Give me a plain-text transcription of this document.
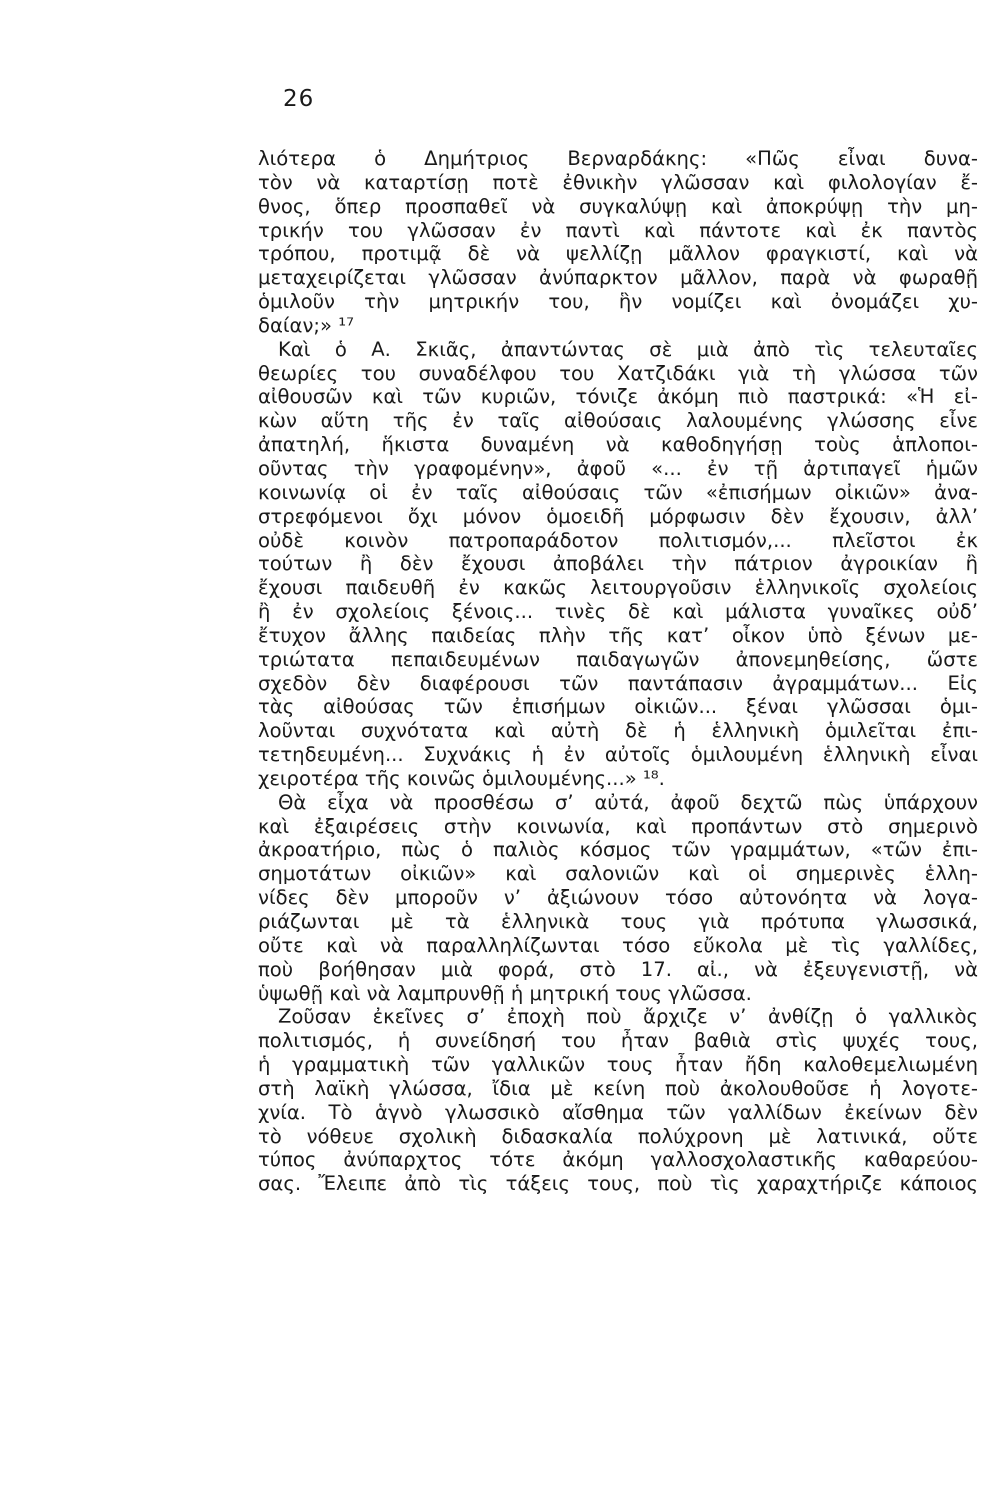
26
λιότερα ὁ Δημήτριος Βερναρδάκης: «Πῶς εἶναι δυνα-
τὸν νὰ καταρτίσῃ ποτὲ ἐθνικὴν γλῶσσαν καὶ φιλολογίαν ἔ-
θνος, ὅπερ προσπαθεῖ νὰ συγκαλύψῃ καὶ ἀποκρύψῃ τὴν μη-
τρικήν του γλῶσσαν ἐν παντὶ καὶ πάντοτε καὶ ἐκ παντὸς
τρόπου, προτιμᾷ δὲ νὰ ψελλίζῃ μᾶλλον φραγκιστί, καὶ νὰ
μεταχειρίζεται γλῶσσαν ἀνύπαρκτον μᾶλλον, παρὰ νὰ φωραθῇ
ὁμιλοῦν τὴν μητρικήν του, ἣν νομίζει καὶ ὀνομάζει χυ-
δαίαν;» ¹⁷
Καὶ ὁ Α. Σκιᾶς, ἀπαντώντας σὲ μιὰ ἀπὸ τὶς τελευταῖες
θεωρίες του συναδέλφου του Χατζιδάκι γιὰ τὴ γλώσσα τῶν
αἰθουσῶν καὶ τῶν κυριῶν, τόνιζε ἀκόμη πιὸ παστρικά: «Ἡ εἰ-
κὼν αὕτη τῆς ἐν ταῖς αἰθούσαις λαλουμένης γλώσσης εἶνε
ἀπατηλή, ἥκιστα δυναμένη νὰ καθοδηγήσῃ τοὺς ἁπλοποι-
οῦντας τὴν γραφομένην», ἀφοῦ «... ἐν τῇ ἀρτιπαγεῖ ἡμῶν
κοινωνίᾳ οἱ ἐν ταῖς αἰθούσαις τῶν «ἐπισήμων οἰκιῶν» ἀνα-
στρεφόμενοι ὄχι μόνον ὁμοειδῆ μόρφωσιν δὲν ἔχουσιν, ἀλλ’
οὐδὲ κοινὸν πατροπαράδοτον πολιτισμόν,... πλεῖστοι ἐκ
τούτων ἢ δὲν ἔχουσι ἀποβάλει τὴν πάτριον ἀγροικίαν ἢ
ἔχουσι παιδευθῆ ἐν κακῶς λειτουργοῦσιν ἑλληνικοῖς σχολείοις
ἢ ἐν σχολείοις ξένοις... τινὲς δὲ καὶ μάλιστα γυναῖκες οὐδ’
ἔτυχον ἄλλης παιδείας πλὴν τῆς κατ’ οἶκον ὑπὸ ξένων με-
τριώτατα πεπαιδευμένων παιδαγωγῶν ἀπονεμηθείσης, ὥστε
σχεδὸν δὲν διαφέρουσι τῶν παντάπασιν ἀγραμμάτων... Εἰς
τὰς αἰθούσας τῶν ἐπισήμων οἰκιῶν... ξέναι γλῶσσαι ὁμι-
λοῦνται συχνότατα καὶ αὐτὴ δὲ ἡ ἑλληνικὴ ὁμιλεῖται ἐπι-
τετηδευμένη... Συχνάκις ἡ ἐν αὐτοῖς ὁμιλουμένη ἑλληνικὴ εἶναι
χειροτέρα τῆς κοινῶς ὁμιλουμένης...» ¹⁸.
Θὰ εἶχα νὰ προσθέσω σ’ αὐτά, ἀφοῦ δεχτῶ πὼς ὑπάρχουν
καὶ ἐξαιρέσεις στὴν κοινωνία, καὶ προπάντων στὸ σημερινὸ
ἀκροατήριο, πὼς ὁ παλιὸς κόσμος τῶν γραμμάτων, «τῶν ἐπι-
σημοτάτων οἰκιῶν» καὶ σαλονιῶν καὶ οἱ σημερινὲς ἑλλη-
νίδες δὲν μποροῦν ν’ ἀξιώνουν τόσο αὐτονόητα νὰ λογα-
ριάζωνται μὲ τὰ ἑλληνικὰ τους γιὰ πρότυπα γλωσσικά,
οὔτε καὶ νὰ παραλληλίζωνται τόσο εὔκολα μὲ τὶς γαλλίδες,
ποὺ βοήθησαν μιὰ φορά, στὸ 17. αἰ., νὰ ἐξευγενιστῇ, νὰ
ὑψωθῇ καὶ νὰ λαμπρυνθῇ ἡ μητρική τους γλῶσσα.
Ζοῦσαν ἐκεῖνες σ’ ἐποχὴ ποὺ ἄρχιζε ν’ ἀνθίζῃ ὁ γαλλικὸς
πολιτισμός, ἡ συνείδησή του ἦταν βαθιὰ στὶς ψυχές τους,
ἡ γραμματικὴ τῶν γαλλικῶν τους ἦταν ἤδη καλοθεμελιωμένη
στὴ λαϊκὴ γλώσσα, ἴδια μὲ κείνη ποὺ ἀκολουθοῦσε ἡ λογοτε-
χνία. Τὸ ἁγνὸ γλωσσικὸ αἴσθημα τῶν γαλλίδων ἐκείνων δὲν
τὸ νόθευε σχολικὴ διδασκαλία πολύχρονη μὲ λατινικά, οὔτε
τύπος ἀνύπαρχτος τότε ἀκόμη γαλλοσχολαστικῆς καθαρεύου-
σας. Ἔλειπε ἀπὸ τὶς τάξεις τους, ποὺ τὶς χαραχτήριζε κάποιος
